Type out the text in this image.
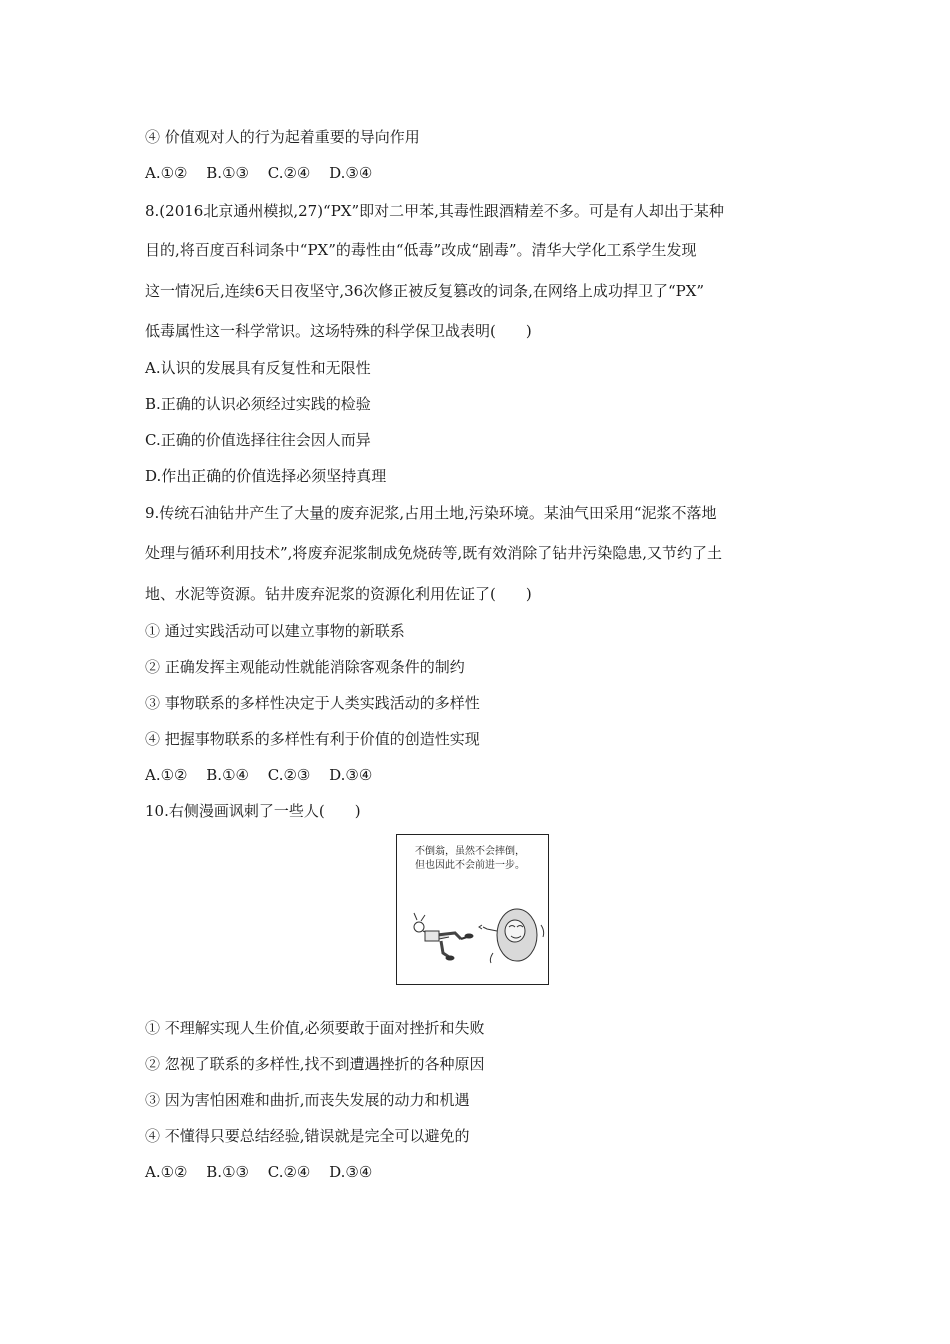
④ 价值观对人的行为起着重要的导向作用
A.①② B.①③ C.②④ D.③④
8.(2016北京通州模拟,27)“PX”即对二甲苯,其毒性跟酒精差不多。可是有人却出于某种
目的,将百度百科词条中“PX”的毒性由“低毒”改成“剧毒”。清华大学化工系学生发现
这一情况后,连续6天日夜坚守,36次修正被反复篡改的词条,在网络上成功捍卫了“PX”
低毒属性这一科学常识。这场特殊的科学保卫战表明(　　)
A.认识的发展具有反复性和无限性
B.正确的认识必须经过实践的检验
C.正确的价值选择往往会因人而异
D.作出正确的价值选择必须坚持真理
9.传统石油钻井产生了大量的废弃泥浆,占用土地,污染环境。某油气田采用“泥浆不落地
处理与循环利用技术”,将废弃泥浆制成免烧砖等,既有效消除了钻井污染隐患,又节约了土
地、水泥等资源。钻井废弃泥浆的资源化利用佐证了(　　)
① 通过实践活动可以建立事物的新联系
② 正确发挥主观能动性就能消除客观条件的制约
③ 事物联系的多样性决定于人类实践活动的多样性
④ 把握事物联系的多样性有利于价值的创造性实现
A.①② B.①④ C.②③ D.③④
10.右侧漫画讽刺了一些人(　　)
不倒翁，虽然不会摔倒，
但也因此不会前进一步。
① 不理解实现人生价值,必须要敢于面对挫折和失败
② 忽视了联系的多样性,找不到遭遇挫折的各种原因
③ 因为害怕困难和曲折,而丧失发展的动力和机遇
④ 不懂得只要总结经验,错误就是完全可以避免的
A.①② B.①③ C.②④ D.③④
